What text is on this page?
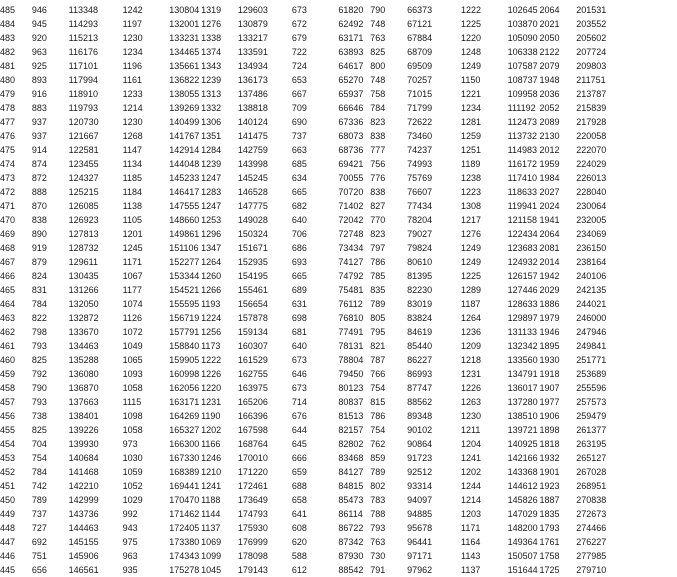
485	946	113348	1242	130804	1319	129603	673	61820	790	66373	1222	102645	2064	201531
484	945	114293	1197	132001	1276	130879	672	62492	748	67121	1225	103870	2021	203552
483	920	115213	1230	133231	1338	133217	679	63171	763	67884	1220	105090	2050	205602
482	963	116176	1234	134465	1374	133591	722	63893	825	68709	1248	106338	2122	207724
481	925	117101	1196	135661	1343	134934	724	64617	800	69509	1249	107587	2079	209803
480	893	117994	1161	136822	1239	136173	653	65270	748	70257	1150	108737	1948	211751
479	916	118910	1233	138055	1313	137486	667	65937	758	71015	1221	109958	2036	213787
478	883	119793	1214	139269	1332	138818	709	66646	784	71799	1234	111192	2052	215839
477	937	120730	1230	140499	1306	140124	690	67336	823	72622	1281	112473	2089	217928
476	937	121667	1268	141767	1351	141475	737	68073	838	73460	1259	113732	2130	220058
475	914	122581	1147	142914	1284	142759	663	68736	777	74237	1251	114983	2012	222070
474	874	123455	1134	144048	1239	143998	685	69421	756	74993	1189	116172	1959	224029
473	872	124327	1185	145233	1247	145245	634	70055	776	75769	1238	117410	1984	226013
472	888	125215	1184	146417	1283	146528	665	70720	838	76607	1223	118633	2027	228040
471	870	126085	1138	147555	1247	147775	682	71402	827	77434	1308	119941	2024	230064
470	838	126923	1105	148660	1253	149028	640	72042	770	78204	1217	121158	1941	232005
469	890	127813	1201	149861	1296	150324	706	72748	823	79027	1276	122434	2064	234069
468	919	128732	1245	151106	1347	151671	686	73434	797	79824	1249	123683	2081	236150
467	879	129611	1171	152277	1264	152935	693	74127	786	80610	1249	124932	2014	238164
466	824	130435	1067	153344	1260	154195	665	74792	785	81395	1225	126157	1942	240106
465	831	131266	1177	154521	1266	155461	689	75481	835	82230	1289	127446	2029	242135
464	784	132050	1074	155595	1193	156654	631	76112	789	83019	1187	128633	1886	244021
463	822	132872	1126	156719	1224	157878	698	76810	805	83824	1264	129897	1979	246000
462	798	133670	1072	157791	1256	159134	681	77491	795	84619	1236	131133	1946	247946
461	793	134463	1049	158840	1173	160307	640	78131	821	85440	1209	132342	1895	249841
460	825	135288	1065	159905	1222	161529	673	78804	787	86227	1218	133560	1930	251771
459	792	136080	1093	160998	1226	162755	646	79450	766	86993	1231	134791	1918	253689
458	790	136870	1058	162056	1220	163975	673	80123	754	87747	1226	136017	1907	255596
457	793	137663	1115	163171	1231	165206	714	80837	815	88562	1263	137280	1977	257573
456	738	138401	1098	164269	1190	166396	676	81513	786	89348	1230	138510	1906	259479
455	825	139226	1058	165327	1202	167598	644	82157	754	90102	1211	139721	1898	261377
454	704	139930	973	166300	1166	168764	645	82802	762	90864	1204	140925	1818	263195
453	754	140684	1030	167330	1246	170010	666	83468	859	91723	1241	142166	1932	265127
452	784	141468	1059	168389	1210	171220	659	84127	789	92512	1202	143368	1901	267028
451	742	142210	1052	169441	1241	172461	688	84815	802	93314	1244	144612	1923	268951
450	789	142999	1029	170470	1188	173649	658	85473	783	94097	1214	145826	1887	270838
449	737	143736	992	171462	1144	174793	641	86114	788	94885	1203	147029	1835	272673
448	727	144463	943	172405	1137	175930	608	86722	793	95678	1171	148200	1793	274466
447	692	145155	975	173380	1069	176999	620	87342	763	96441	1164	149364	1761	276227
446	751	145906	963	174343	1099	178098	588	87930	730	97171	1143	150507	1758	277985
445	656	146561	935	175278	1045	179143	612	88542	791	97962	1137	151644	1725	279710
